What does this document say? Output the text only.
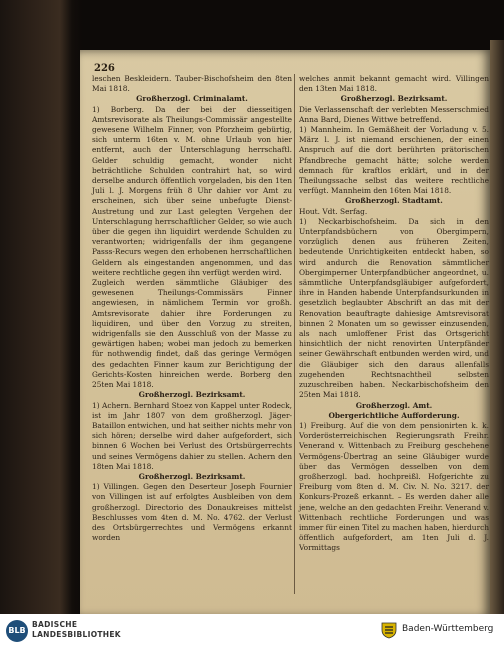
226

leschen Beskleidern. Tauber-Bischofsheim den 8ten Mai 1818.

Großherzogl. Criminalamt.

1) Borberg. Da der bei der diesseitigen Amtsrevisorate als Theilungs-Commissär angestellte gewesene Wilhelm Finner, von Pforzheim gebürtig, sich unterm 16ten v. M. ohne Urlaub von hier entfernt, auch der Unterschlagung herrschaftl. Gelder schuldig gemacht, wonder nicht beträchtliche Schulden contrahirt hat, so wird derselbe andurch öffentlich vorgeladen, bis den 1ten Juli l. J. Morgens früh 8 Uhr dahier vor Amt zu erscheinen, sich über seine unbefugte Dienst-Austretung und zur Last gelegten Vergehen der Unterschlagung herrschaftlicher Gelder, so wie auch über die gegen ihn liquidirt werdende Schulden zu verantworten; widrigenfalls der ihm gegangene Passs-Recurs wegen den erhobenen herrschaftlichen Geldern als eingestanden angenommen, und das weitere rechtliche gegen ihn verfügt werden wird.

Zugleich werden sämmtliche Gläubiger des gewesenen Theilungs-Commissärs Finner angewiesen, in nämlichem Termin vor großh. Amtsrevisorate dahier ihre Forderungen zu liquidiren, und über den Vorzug zu streiten, widrigenfalls sie den Ausschluß von der Masse zu gewärtigen haben; wobei man jedoch zu bemerken für nothwendig findet, daß das geringe Vermögen des gedachten Finner kaum zur Berichtigung der Gerichts-Kosten hinreichen werde. Borberg den 25ten Mai 1818.

Großherzogl. Bezirksamt.

1) Achern. Bernhard Stoez von Kappel unter Rodeck, ist im Jahr 1807 von dem großherzogl. Jäger-Bataillon entwichen, und hat seither nichts mehr von sich hören; derselbe wird daher aufgefordert, sich binnen 6 Wochen bei Verlust des Ortsbürgerrechts und seines Vermögens dahier zu stellen. Achern den 18ten Mai 1818.

Großherzogl. Bezirksamt.

1) Villingen. Gegen den Deserteur Joseph Fournier von Villingen ist auf erfolgtes Ausbleiben von dem großherzogl. Directorio des Donaukreises mittelst Beschlusses vom 4ten d. M. No. 4762. der Verlust des Ortsbürgerrechtes und Vermögens erkannt worden

welches anmit bekannt gemacht wird. Villingen den 13ten Mai 1818.

Großherzogl. Bezirksamt.

Die Verlassenschaft der verlebten Messerschmied Anna Bard, Dienes Wittwe betreffend.

1) Mannheim. In Gemäßheit der Vorladung v. 5. März l. J. ist niemand erschienen, der einen Anspruch auf die dort berührten prätorischen Pfandbreche gemacht hätte; solche werden demnach für kraftlos erklärt, und in der Theilungssache selbst das weitere rechtliche verfügt. Mannheim den 16ten Mai 1818.

Großherzogl. Stadtamt.

Hout. Vdt. Serfag.

1) Neckarbischofsheim. Da sich in den Unterpfandsbüchern von Obergimpern, vorzüglich denen aus früheren Zeiten, bedeutende Unrichtigkeiten entdeckt haben, so wird andurch die Renovation sämmtlicher Obergimperner Unterpfandbücher angeordnet, u. sämmtliche Unterpfandsgläubiger aufgefordert, ihre in Handen habende Unterpfandsurkunden in gesetzlich beglaubter Abschrift an das mit der Renovation beauftragte dahiesige Amtsrevisorat binnen 2 Monaten um so gewisser einzusenden, als nach umloffener Frist das Ortsgericht hinsichtlich der nicht renovirten Unterpfänder seiner Gewährschaft entbunden werden wird, und die Gläubiger sich den daraus allenfalls zugehenden Rechtsnachtheil selbsten zuzuschreiben haben. Neckarbischofsheim den 25ten Mai 1818.

Großherzogl. Amt.

Obergerichtliche Aufforderung.

1) Freiburg. Auf die von dem pensionirten k. k. Vorderösterreichischen Regierungsrath Freihr. Venerand v. Wittenbach zu Freiburg geschehene Vermögens-Übertrag an seine Gläubiger wurde über das Vermögen desselben von dem großherzogl. bad. hochpreißl. Hofgerichte zu Freiburg vom 8ten d. M. Civ. N. No. 3217. der Konkurs-Prozeß erkannt. – Es werden daher alle jene, welche an den gedachten Freihr. Venerand v. Wittenbach rechtliche Forderungen und was immer für einen Titel zu machen haben, hierdurch öffentlich aufgefordert, am 1ten Juli d. J. Vormittags

BLB
BADISCHE
LANDESBIBLIOTHEK
Baden-Württemberg
